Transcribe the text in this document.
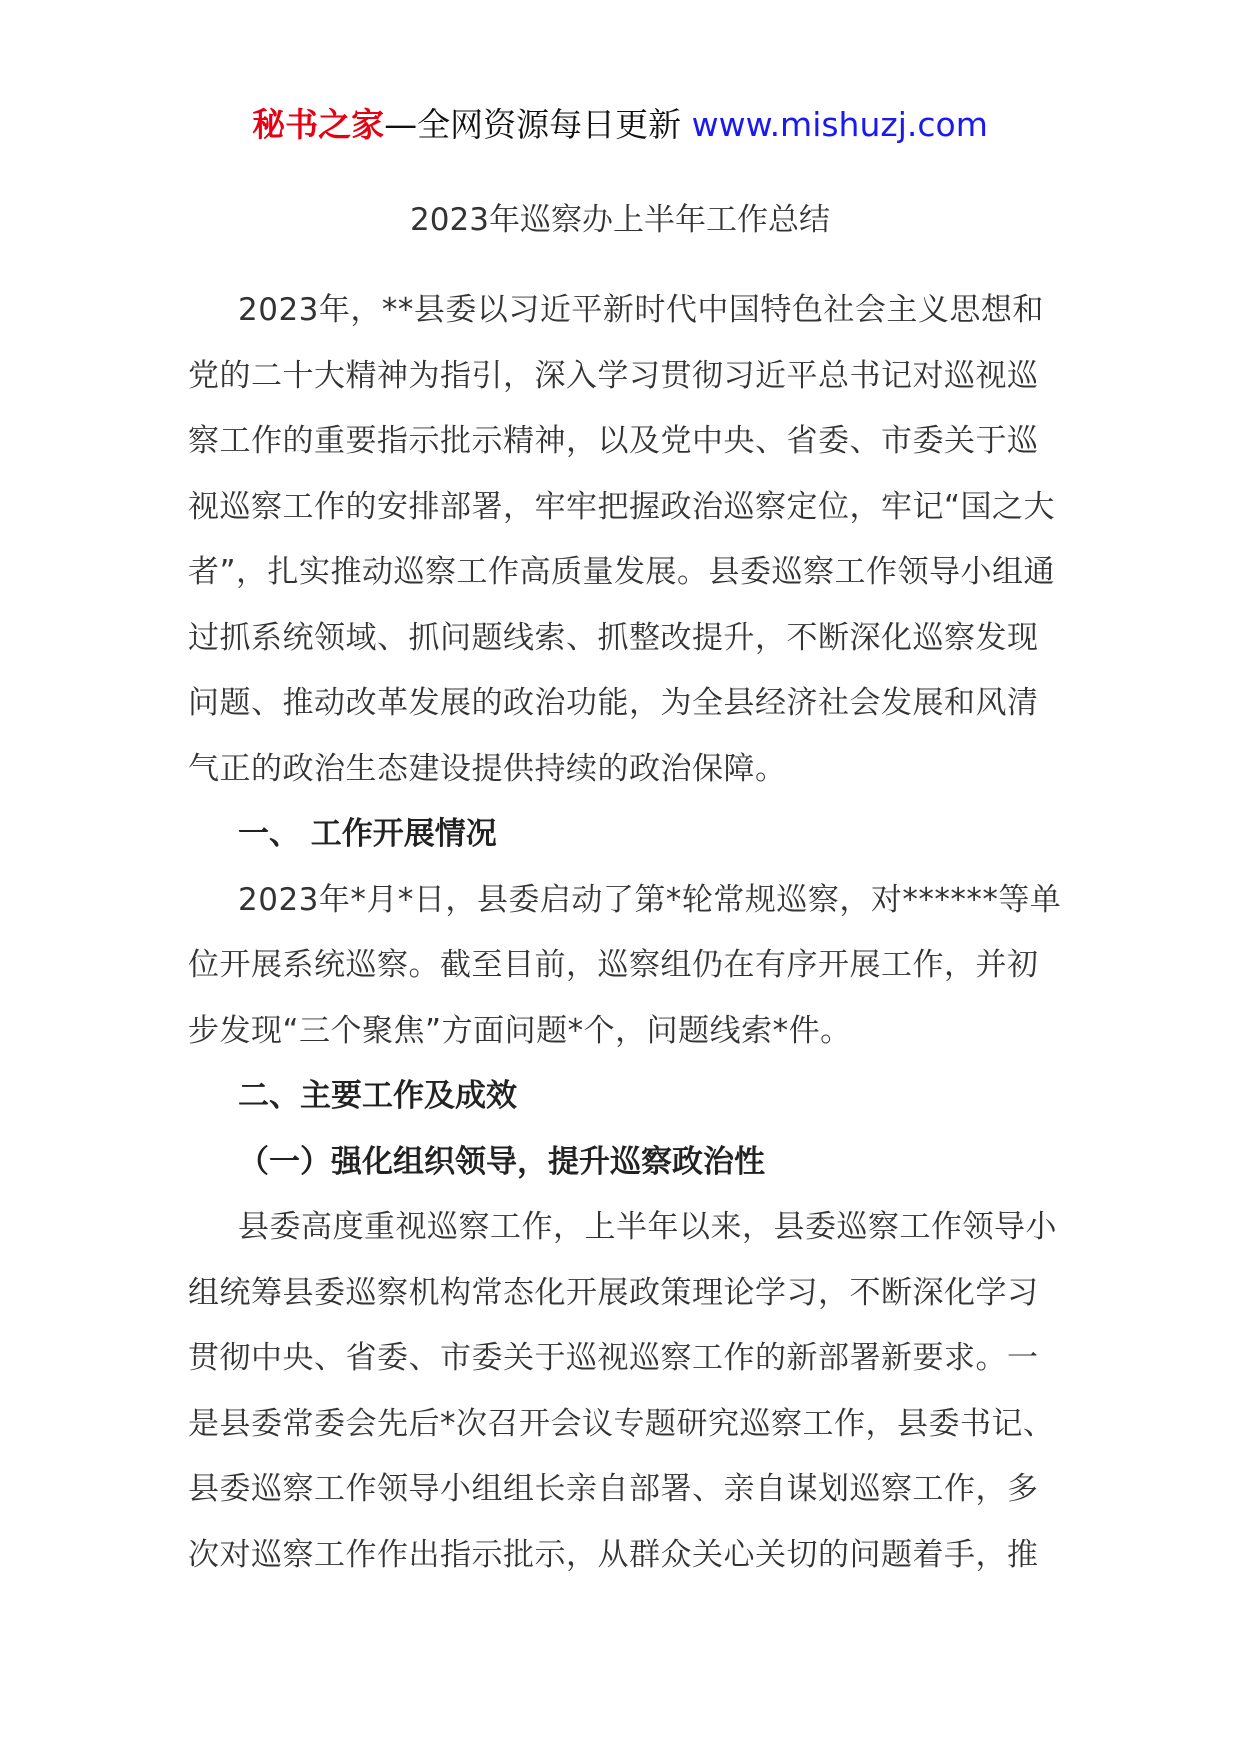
秘书之家—全网资源每日更新 www.mishuzj.com
2023年巡察办上半年工作总结

2023年，**县委以习近平新时代中国特色社会主义思想和党的二十大精神为指引，深入学习贯彻习近平总书记对巡视巡察工作的重要指示批示精神，以及党中央、省委、市委关于巡视巡察工作的安排部署，牢牢把握政治巡察定位，牢记“国之大者”，扎实推动巡察工作高质量发展。县委巡察工作领导小组通过抓系统领域、抓问题线索、抓整改提升，不断深化巡察发现问题、推动改革发展的政治功能，为全县经济社会发展和风清气正的政治生态建设提供持续的政治保障。

一、 工作开展情况

2023年*月*日，县委启动了第*轮常规巡察，对******等单位开展系统巡察。截至目前，巡察组仍在有序开展工作，并初步发现“三个聚焦”方面问题*个，问题线索*件。

二、主要工作及成效

（一）强化组织领导，提升巡察政治性

县委高度重视巡察工作，上半年以来，县委巡察工作领导小组统筹县委巡察机构常态化开展政策理论学习，不断深化学习贯彻中央、省委、市委关于巡视巡察工作的新部署新要求。一是县委常委会先后*次召开会议专题研究巡察工作，县委书记、县委巡察工作领导小组组长亲自部署、亲自谋划巡察工作，多次对巡察工作作出指示批示，从群众关心关切的问题着手，推
